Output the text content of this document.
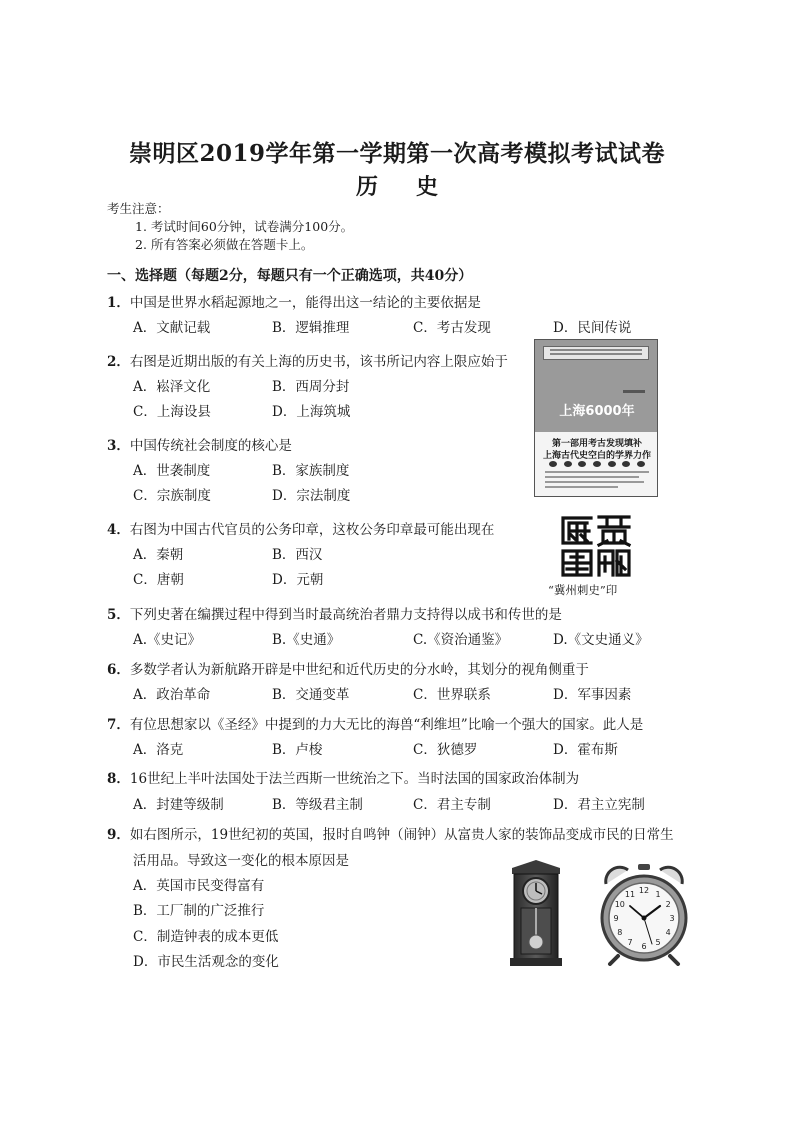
崇明区2019学年第一学期第一次高考模拟考试试卷
历史
考生注意：
1. 考试时间60分钟，试卷满分100分。
2. 所有答案必须做在答题卡上。
一、选择题（每题2分，每题只有一个正确选项，共40分）
1．中国是世界水稻起源地之一，能得出这一结论的主要依据是
A．文献记载	B．逻辑推理	C．考古发现	D．民间传说
2．右图是近期出版的有关上海的历史书，该书所记内容上限应始于
A．崧泽文化	B．西周分封
C．上海设县	D．上海筑城	上海6000年
第一部用考古发现填补
上海古代史空白的学界力作
3．中国传统社会制度的核心是
A．世袭制度	B．家族制度
C．宗族制度	D．宗法制度
4．右图为中国古代官员的公务印章，这枚公务印章最可能出现在
A．秦朝	B．西汉
C．唐朝	D．元朝
“冀州刺史”印
5．下列史著在编撰过程中得到当时最高统治者鼎力支持得以成书和传世的是
A.《史记》	B.《史通》	C.《资治通鉴》	D.《文史通义》
6．多数学者认为新航路开辟是中世纪和近代历史的分水岭，其划分的视角侧重于
A．政治革命	B．交通变革	C．世界联系	D．军事因素
7．有位思想家以《圣经》中提到的力大无比的海兽“利维坦”比喻一个强大的国家。此人是
A．洛克	B．卢梭	C．狄德罗	D．霍布斯
8．16世纪上半叶法国处于法兰西斯一世统治之下。当时法国的国家政治体制为
A．封建等级制	B．等级君主制	C．君主专制	D．君主立宪制
9．如右图所示，19世纪初的英国，报时自鸣钟（闹钟）从富贵人家的装饰品变成市民的日常生
活用品。导致这一变化的根本原因是
A．英国市民变得富有
B．工厂制的广泛推行
C．制造钟表的成本更低
D．市民生活观念的变化
12 1
2
3
4
5
6
7
8
9
10
11
